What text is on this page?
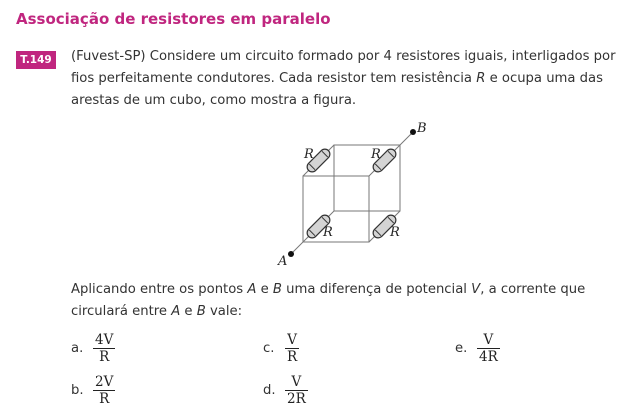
Associação de resistores em paralelo
T.149	(Fuvest-SP) Considere um circuito formado por 4 resistores iguais, interligados por fios perfeitamente condutores. Cada resistor tem resistência R e ocupa uma das arestas de um cubo, como mostra a figura.
R	R
R	R
A
B
Aplicando entre os pontos A e B uma diferença de potencial V, a corrente que circulará entre A e B vale:
a. $\frac{4V}{R}$
b. $\frac{2V}{R}$
c. $\frac{V}{R}$
d. $\frac{V}{2R}$
e. $\frac{V}{4R}$
